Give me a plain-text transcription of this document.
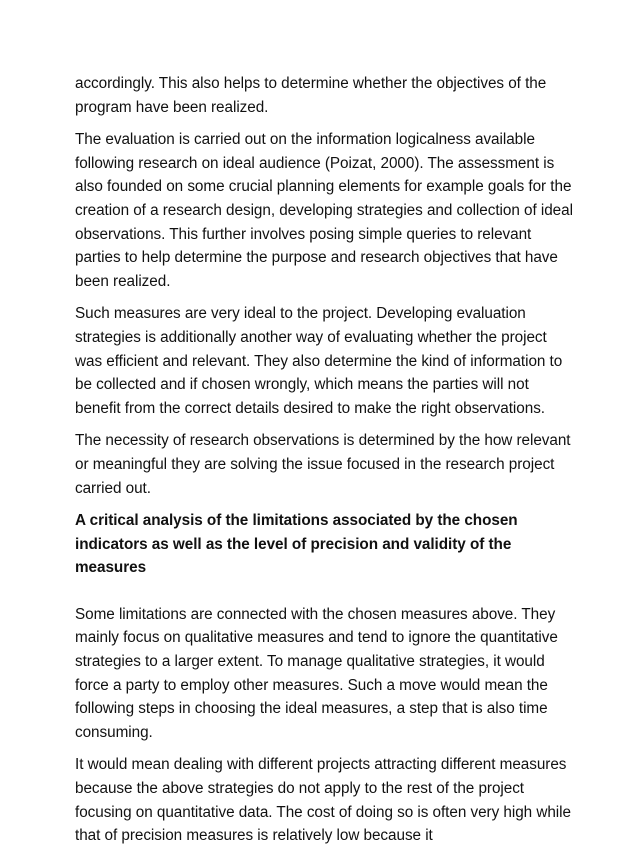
accordingly. This also helps to determine whether the objectives of the program have been realized.

The evaluation is carried out on the information logicalness available following research on ideal audience (Poizat, 2000). The assessment is also founded on some crucial planning elements for example goals for the creation of a research design, developing strategies and collection of ideal observations. This further involves posing simple queries to relevant parties to help determine the purpose and research objectives that have been realized.

Such measures are very ideal to the project. Developing evaluation strategies is additionally another way of evaluating whether the project was efficient and relevant. They also determine the kind of information to be collected and if chosen wrongly, which means the parties will not benefit from the correct details desired to make the right observations.

The necessity of research observations is determined by the how relevant or meaningful they are solving the issue focused in the research project carried out.

A critical analysis of the limitations associated by the chosen indicators as well as the level of precision and validity of the measures

Some limitations are connected with the chosen measures above. They mainly focus on qualitative measures and tend to ignore the quantitative strategies to a larger extent. To manage qualitative strategies, it would force a party to employ other measures. Such a move would mean the following steps in choosing the ideal measures, a step that is also time consuming.

It would mean dealing with different projects attracting different measures because the above strategies do not apply to the rest of the project focusing on quantitative data. The cost of doing so is often very high while that of precision measures is relatively low because it
